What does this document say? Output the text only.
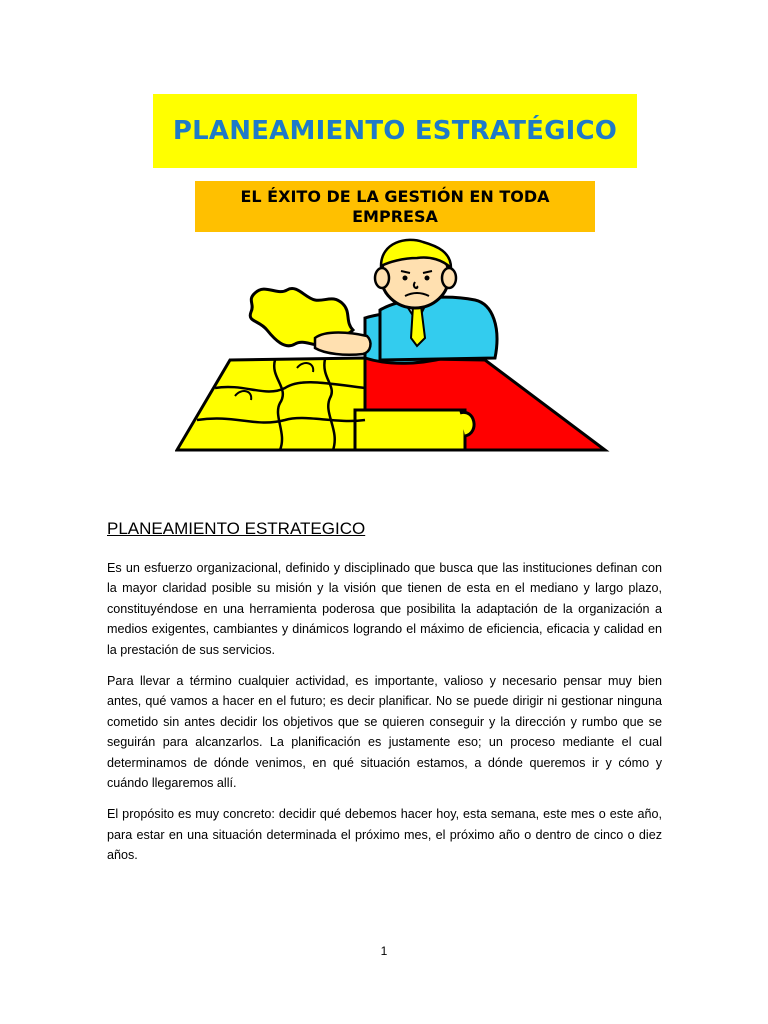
PLANEAMIENTO ESTRATÉGICO
EL ÉXITO DE LA GESTIÓN EN TODA EMPRESA
PLANEAMIENTO ESTRATEGICO

Es un esfuerzo organizacional, definido y disciplinado que busca que las instituciones definan con la mayor claridad posible su misión y la visión que tienen de esta en el mediano y largo plazo, constituyéndose en una herramienta poderosa que posibilita la adaptación de la organización a medios exigentes, cambiantes y dinámicos logrando el máximo de eficiencia, eficacia y calidad en la prestación de sus servicios.

Para llevar a término cualquier actividad, es importante, valioso y necesario pensar muy bien antes, qué vamos a hacer en el futuro; es decir planificar. No se puede dirigir ni gestionar ninguna cometido sin antes decidir los objetivos que se quieren conseguir y la dirección y rumbo que se seguirán para alcanzarlos. La planificación es justamente eso; un proceso mediante el cual determinamos de dónde venimos, en qué situación estamos, a dónde queremos ir y cómo y cuándo llegaremos allí.

El propósito es muy concreto: decidir qué debemos hacer hoy, esta semana, este mes o este año, para estar en una situación determinada el próximo mes, el próximo año o dentro de cinco o diez años.

1
